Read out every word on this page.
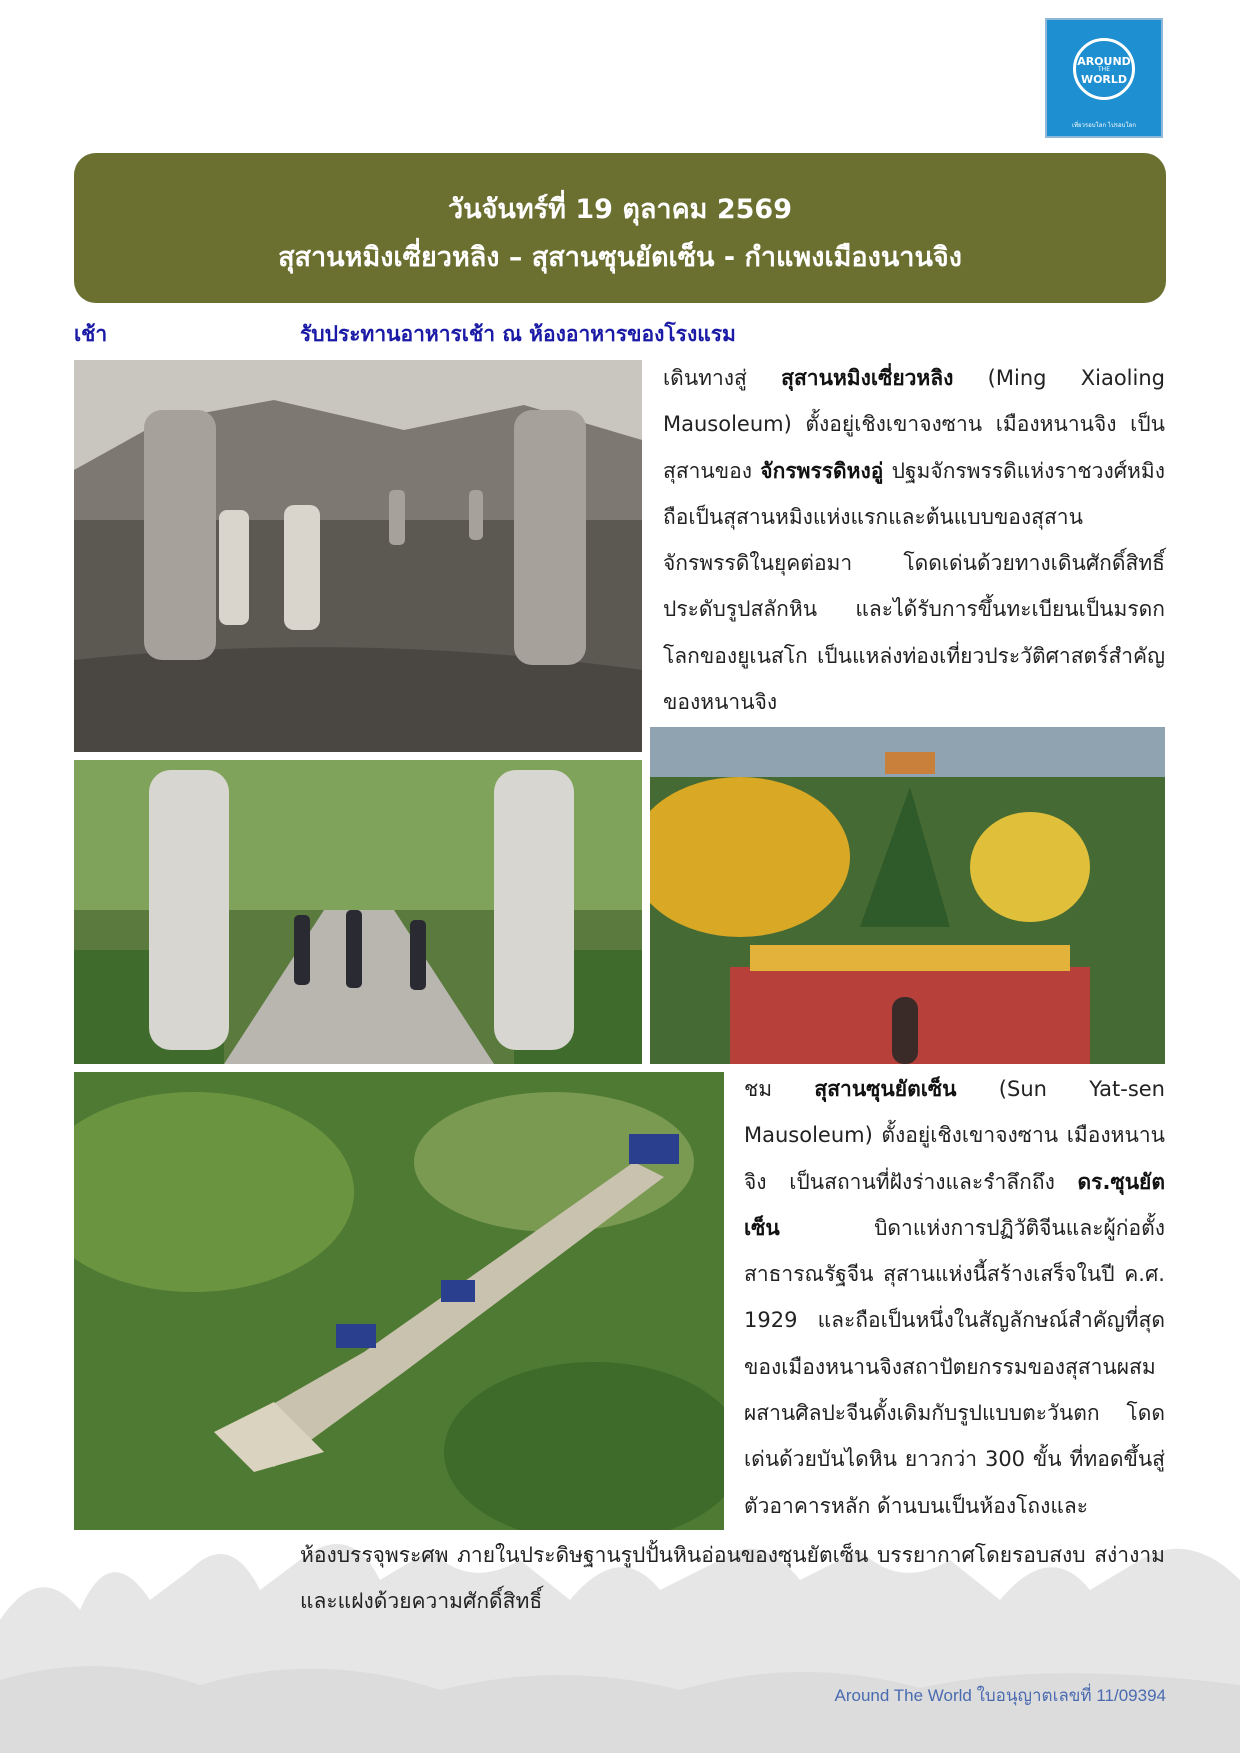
AROUND
THE
WORLD
เที่ยวรอบโลก ไปรอบโลก
วันจันทร์ที่ 19 ตุลาคม 2569
สุสานหมิงเซี่ยวหลิง – สุสานซุนยัตเซ็น - กำแพงเมืองนานจิง
เช้า	รับประทานอาหารเช้า ณ ห้องอาหารของโรงแรม

เดินทางสู่ สุสานหมิงเซี่ยวหลิง (Ming Xiaoling Mausoleum) ตั้งอยู่เชิงเขาจงซาน เมืองหนานจิง เป็นสุสานของ จักรพรรดิหงอู่ ปฐมจักรพรรดิแห่งราชวงศ์หมิง ถือเป็นสุสานหมิงแห่งแรกและต้นแบบของสุสานจักรพรรดิในยุคต่อมา โดดเด่นด้วยทางเดินศักดิ์สิทธิ์ประดับรูปสลักหิน และได้รับการขึ้นทะเบียนเป็นมรดกโลกของยูเนสโก เป็นแหล่งท่องเที่ยวประวัติศาสตร์สำคัญของหนานจิง

ชม สุสานซุนยัตเซ็น (Sun Yat-sen Mausoleum) ตั้งอยู่เชิงเขาจงซาน เมืองหนานจิง เป็นสถานที่ฝังร่างและรำลึกถึง ดร.ซุนยัตเซ็น	บิดาแห่งการปฏิวัติจีนและผู้ก่อตั้งสาธารณรัฐจีน สุสานแห่งนี้สร้างเสร็จในปี ค.ศ. 1929 และถือเป็นหนึ่งในสัญลักษณ์สำคัญที่สุดของเมืองหนานจิงสถาปัตยกรรมของสุสานผสมผสานศิลปะจีนดั้งเดิมกับรูปแบบตะวันตก โดดเด่นด้วยบันไดหิน ยาวกว่า 300 ขั้น ที่ทอดขึ้นสู่ตัวอาคารหลัก ด้านบนเป็นห้องโถงและ

ห้องบรรจุพระศพ ภายในประดิษฐานรูปปั้นหินอ่อนของซุนยัตเซ็น บรรยากาศโดยรอบสงบ สง่างาม และแฝงด้วยความศักดิ์สิทธิ์

Around The World ใบอนุญาตเลขที่ 11/09394
